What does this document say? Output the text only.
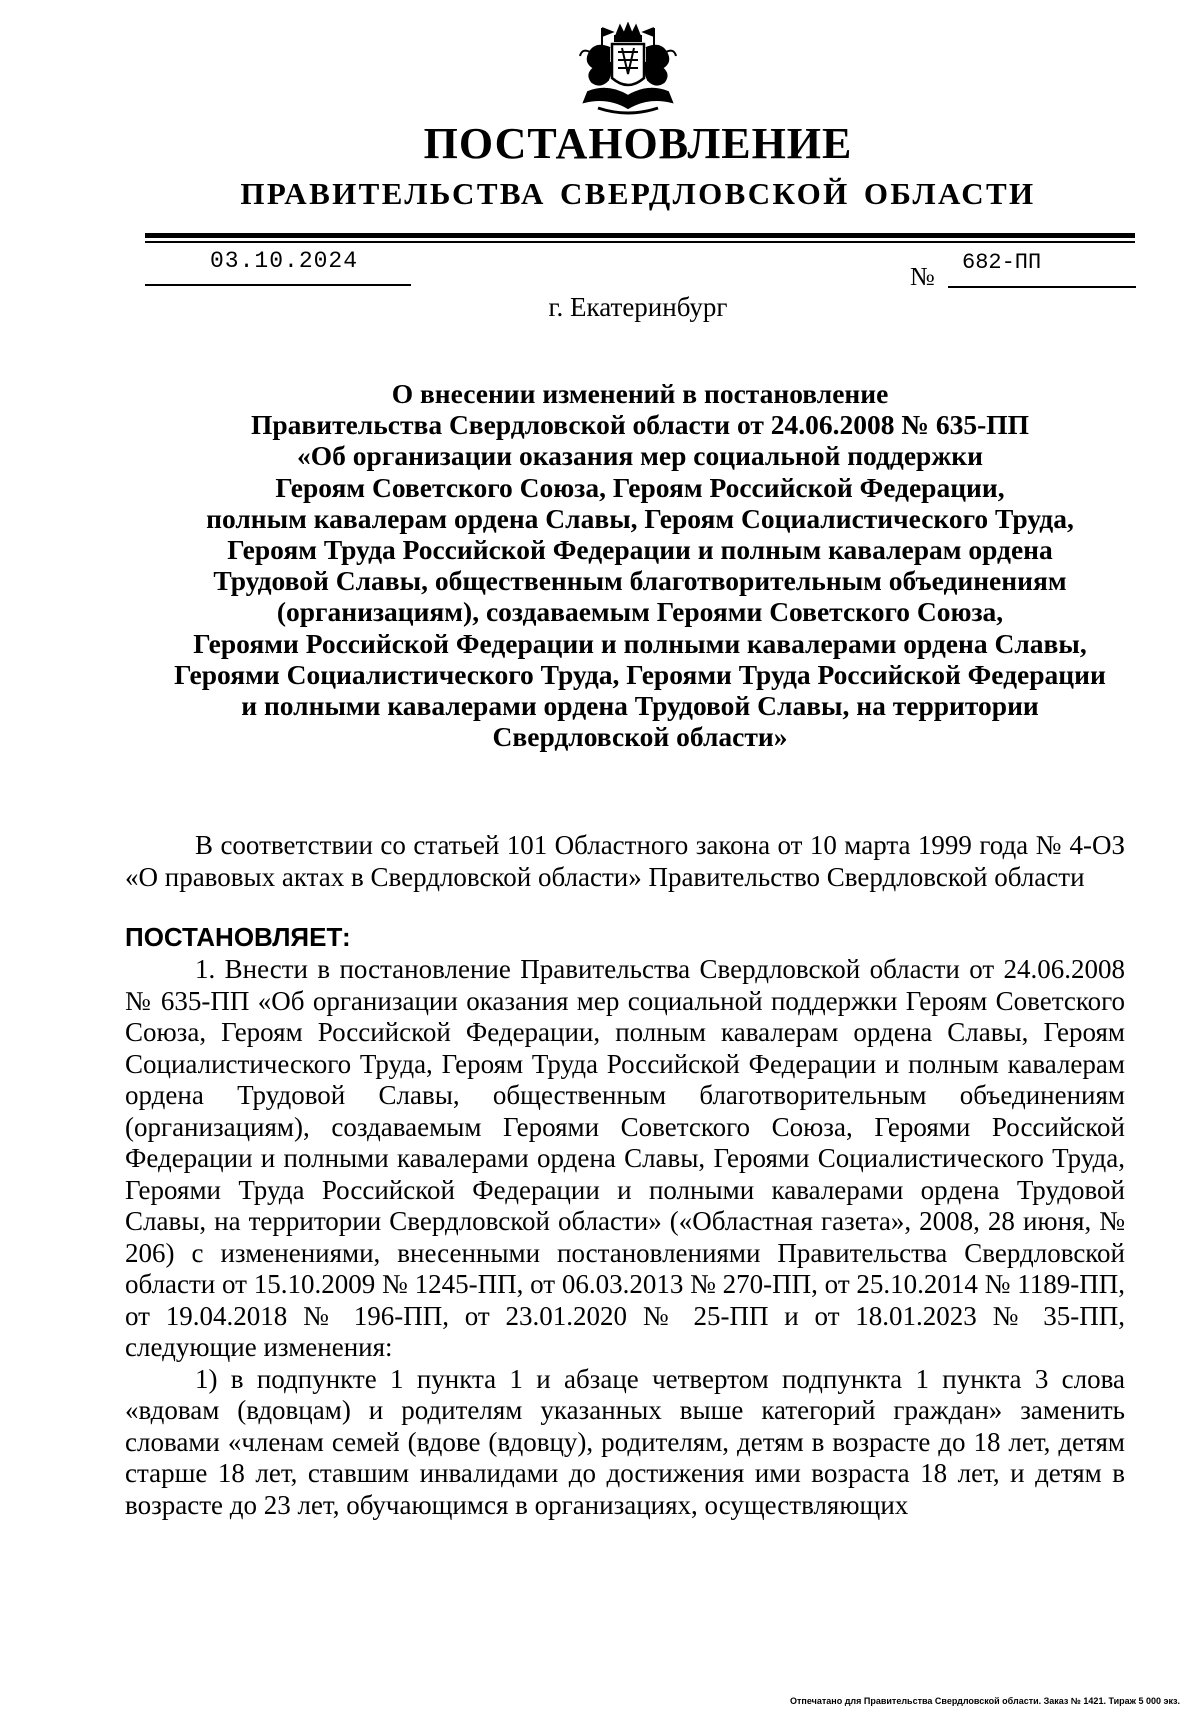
ПОСТАНОВЛЕНИЕ
ПРАВИТЕЛЬСТВА СВЕРДЛОВСКОЙ ОБЛАСТИ
03.10.2024
№ 682-ПП
г. Екатеринбург
О внесении изменений в постановление
Правительства Свердловской области от 24.06.2008 № 635-ПП
«Об организации оказания мер социальной поддержки
Героям Советского Союза, Героям Российской Федерации,
полным кавалерам ордена Славы, Героям Социалистического Труда,
Героям Труда Российской Федерации и полным кавалерам ордена
Трудовой Славы, общественным благотворительным объединениям
(организациям), создаваемым Героями Советского Союза,
Героями Российской Федерации и полными кавалерами ордена Славы,
Героями Социалистического Труда, Героями Труда Российской Федерации
и полными кавалерами ордена Трудовой Славы, на территории
Свердловской области»
В соответствии со статьей 101 Областного закона от 10 марта 1999 года № 4-ОЗ «О правовых актах в Свердловской области» Правительство Свердловской области
ПОСТАНОВЛЯЕТ:
1. Внести в постановление Правительства Свердловской области от 24.06.2008 № 635-ПП «Об организации оказания мер социальной поддержки Героям Советского Союза, Героям Российской Федерации, полным кавалерам ордена Славы, Героям Социалистического Труда, Героям Труда Российской Федерации и полным кавалерам ордена Трудовой Славы, общественным благотворительным объединениям (организациям), создаваемым Героями Советского Союза, Героями Российской Федерации и полными кавалерами ордена Славы, Героями Социалистического Труда, Героями Труда Российской Федерации и полными кавалерами ордена Трудовой Славы, на территории Свердловской области» («Областная газета», 2008, 28 июня, № 206) с изменениями, внесенными постановлениями Правительства Свердловской области от 15.10.2009 № 1245-ПП, от 06.03.2013 № 270-ПП, от 25.10.2014 № 1189-ПП, от 19.04.2018 № 196-ПП, от 23.01.2020 № 25-ПП и от 18.01.2023 № 35-ПП, следующие изменения:
1) в подпункте 1 пункта 1 и абзаце четвертом подпункта 1 пункта 3 слова «вдовам (вдовцам) и родителям указанных выше категорий граждан» заменить словами «членам семей (вдове (вдовцу), родителям, детям в возрасте до 18 лет, детям старше 18 лет, ставшим инвалидами до достижения ими возраста 18 лет, и детям в возрасте до 23 лет, обучающимся в организациях, осуществляющих
Отпечатано для Правительства Свердловской области. Заказ № 1421. Тираж 5 000 экз.
